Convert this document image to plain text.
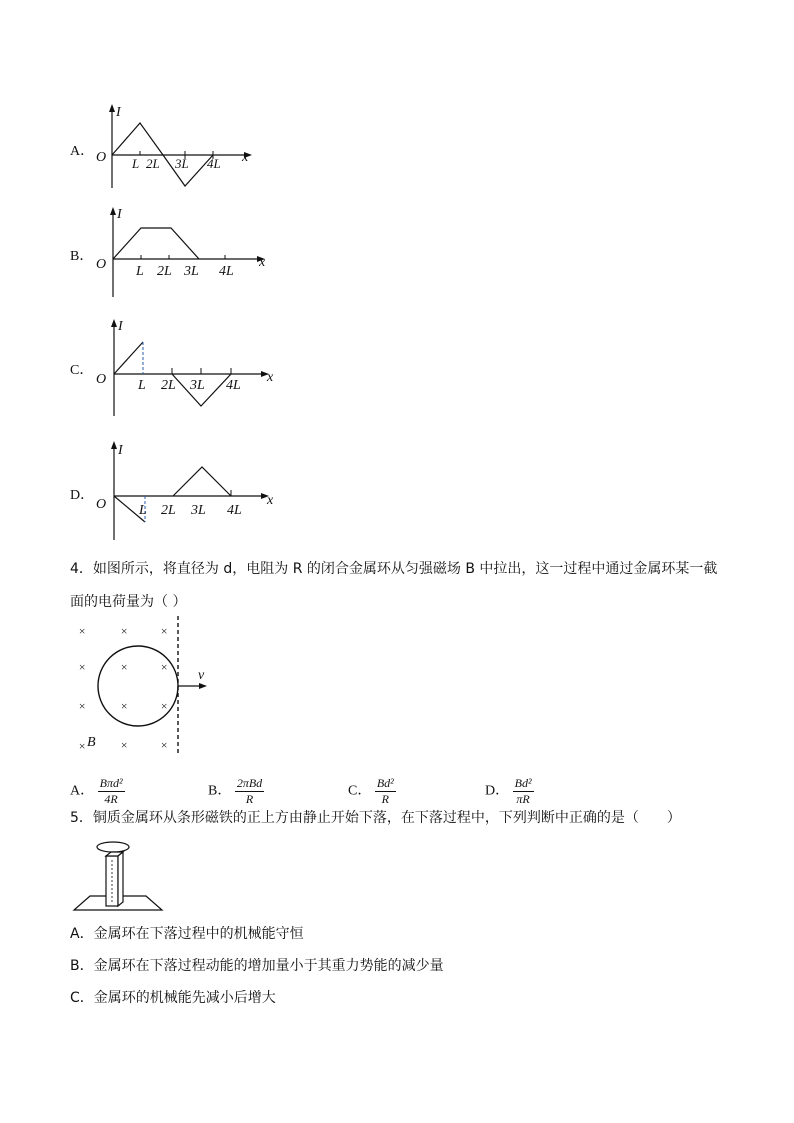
A．
I
O	x
L 2L 3L 4L
B．
I
O	x
L 2L 3L 4L
C．
I
O	x
L 2L 3L 4L
D．
I
O	x
L 2L 3L 4L
4．如图所示，将直径为 d，电阻为 R 的闭合金属环从匀强磁场 B 中拉出，这一过程中通过金属环某一截
面的电荷量为（ ）
×	×	×
×	×	×
×	×	×
×	×	×
B
v
A． $\frac{\text{Bπd²}}{4R}$	B． $\frac{\text{2πBd}}{R}$	C． $\frac{\text{Bd²}}{R}$	D． $\frac{\text{Bd²}}{\pi R}$
5．铜质金属环从条形磁铁的正上方由静止开始下落，在下落过程中，下列判断中正确的是（　　）
A．金属环在下落过程中的机械能守恒
B．金属环在下落过程动能的增加量小于其重力势能的减少量
C．金属环的机械能先减小后增大
